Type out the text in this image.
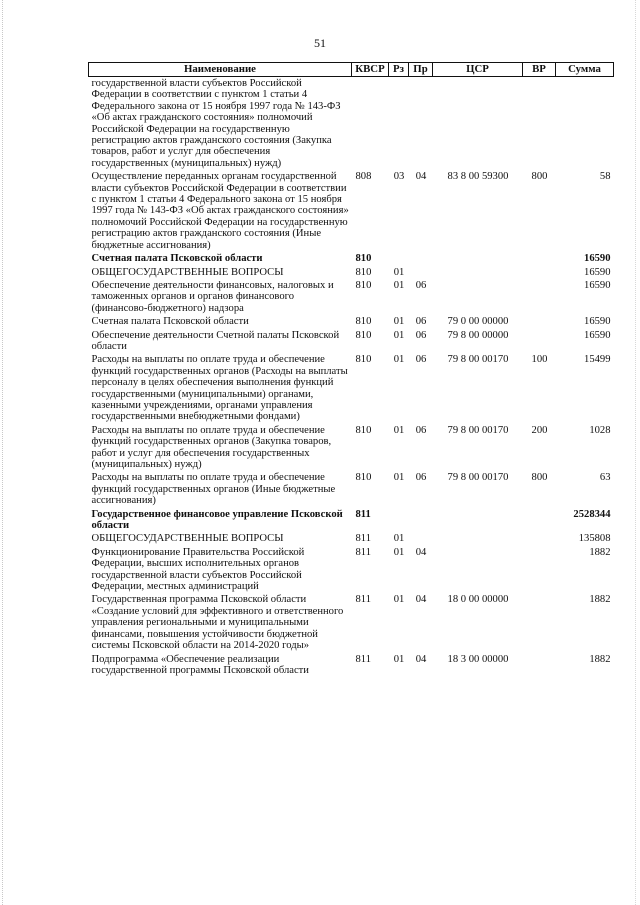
51
Наименование	КВСР	Рз	Пр	ЦСР	ВР	Сумма
государственной власти субъектов Российской Федерации в соответствии с пунктом 1 статьи 4 Федерального закона от 15 ноября 1997 года № 143-ФЗ «Об актах гражданского состояния» полномочий Российской Федерации на государственную регистрацию актов гражданского состояния (Закупка товаров, работ и услуг для обеспечения государственных (муниципальных) нужд)						
Осуществление переданных органам государственной власти субъектов Российской Федерации в соответствии с пунктом 1 статьи 4 Федерального закона от 15 ноября 1997 года № 143-ФЗ «Об актах гражданского состояния» полномочий Российской Федерации на государственную регистрацию актов гражданского состояния (Иные бюджетные ассигнования)	808	03	04	83 8 00 59300	800	58
Счетная палата Псковской области	810					16590
ОБЩЕГОСУДАРСТВЕННЫЕ ВОПРОСЫ	810	01				16590
Обеспечение деятельности финансовых, налоговых и таможенных органов и органов финансового (финансово-бюджетного) надзора	810	01	06			16590
Счетная палата Псковской области	810	01	06	79 0 00 00000		16590
Обеспечение деятельности Счетной палаты Псковской области	810	01	06	79 8 00 00000		16590
Расходы на выплаты по оплате труда и обеспечение функций государственных органов (Расходы на выплаты персоналу в целях обеспечения выполнения функций государственными (муниципальными) органами, казенными учреждениями, органами управления государственными внебюджетными фондами)	810	01	06	79 8 00 00170	100	15499
Расходы на выплаты по оплате труда и обеспечение функций государственных органов (Закупка товаров, работ и услуг для обеспечения государственных (муниципальных) нужд)	810	01	06	79 8 00 00170	200	1028
Расходы на выплаты по оплате труда и обеспечение функций государственных органов (Иные бюджетные ассигнования)	810	01	06	79 8 00 00170	800	63
Государственное финансовое управление Псковской области	811					2528344
ОБЩЕГОСУДАРСТВЕННЫЕ ВОПРОСЫ	811	01				135808
Функционирование Правительства Российской Федерации, высших исполнительных органов государственной власти субъектов Российской Федерации, местных администраций	811	01	04			1882
Государственная программа Псковской области «Создание условий для эффективного и ответственного управления региональными и муниципальными финансами, повышения устойчивости бюджетной системы Псковской области на 2014-2020 годы»	811	01	04	18 0 00 00000		1882
Подпрограмма «Обеспечение реализации государственной программы Псковской области	811	01	04	18 3 00 00000		1882
